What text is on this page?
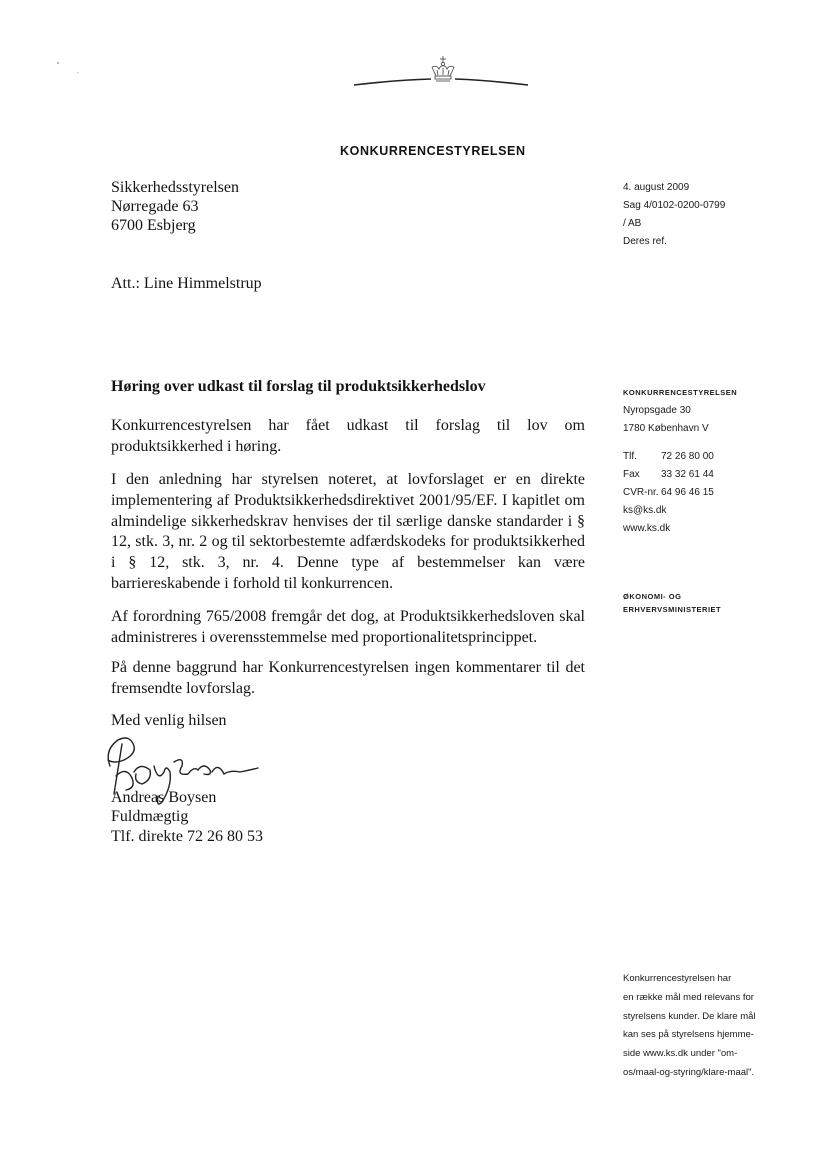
KONKURRENCESTYRELSEN
Sikkerhedsstyrelsen
Nørregade 63
6700 Esbjerg
Att.: Line Himmelstrup
4. august 2009
Sag 4/0102-0200-0799
/ AB
Deres ref.
KONKURRENCESTYRELSEN
Nyropsgade 30
1780 København V
Tlf.	72 26 80 00
Fax	33 32 61 44
CVR-nr. 64 96 46 15
ks@ks.dk
www.ks.dk
ØKONOMI- OG
ERHVERVSMINISTERIET
Høring over udkast til forslag til produktsikkerhedslov
Konkurrencestyrelsen har fået udkast til forslag til lov om produktsikkerhed i høring.
I den anledning har styrelsen noteret, at lovforslaget er en direkte implementering af Produktsikkerhedsdirektivet 2001/95/EF. I kapitlet om almindelige sikkerhedskrav henvises der til særlige danske standarder i § 12, stk. 3, nr. 2 og til sektorbestemte adfærdskodeks for produktsikkerhed i § 12, stk. 3, nr. 4. Denne type af bestemmelser kan være barriereskabende i forhold til konkurrencen.
Af forordning 765/2008 fremgår det dog, at Produktsikkerhedsloven skal administreres i overensstemmelse med proportionalitetsprincippet.
På denne baggrund har Konkurrencestyrelsen ingen kommentarer til det fremsendte lovforslag.
Med venlig hilsen
Andreas Boysen
Fuldmægtig
Tlf. direkte 72 26 80 53
Konkurrencestyrelsen har
en række mål med relevans for
styrelsens kunder. De klare mål
kan ses på styrelsens hjemme-
side www.ks.dk under "om-
os/maal-og-styring/klare-maal".
